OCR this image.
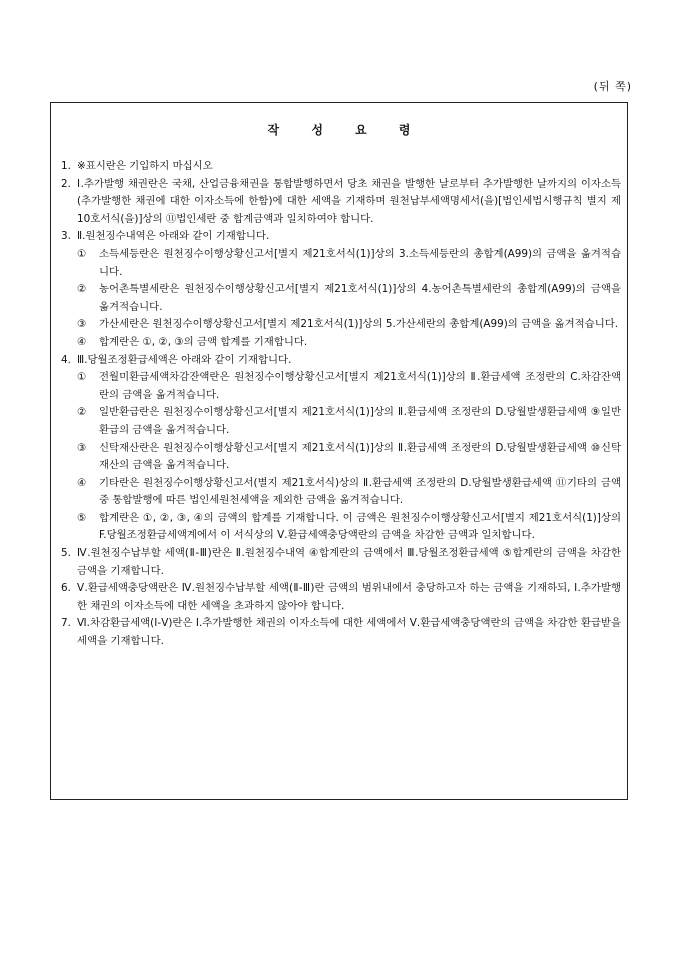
(뒤 쪽)
작 성 요 령
1. ※표시란은 기입하지 마십시오
2. Ⅰ.추가발행 채권란은 국채, 산업금융채권을 통합발행하면서 당초 채권을 발행한 날로부터 추가발행한 날까지의 이자소득(추가발행한 채권에 대한 이자소득에 한함)에 대한 세액을 기재하며 원천납부세액명세서(을)[법인세법시행규칙 별지 제10호서식(을)]상의 ⑪법인세란 중 합계금액과 일치하여야 합니다.
3. Ⅱ.원천징수내역은 아래와 같이 기재합니다.
①	소득세등란은 원천징수이행상황신고서[별지 제21호서식(1)]상의 3.소득세등란의 총합계(A99)의 금액을 옮겨적습니다.
②	농어촌특별세란은 원천징수이행상황신고서[별지 제21호서식(1)]상의 4.농어촌특별세란의 총합계(A99)의 금액을 옮겨적습니다.
③	가산세란은 원천징수이행상황신고서[별지 제21호서식(1)]상의 5.가산세란의 총합계(A99)의 금액을 옮겨적습니다.
④	합계란은 ①, ②, ③의 금액 합계를 기재합니다.
4. Ⅲ.당월조정환급세액은 아래와 같이 기재합니다.
①	전월미환급세액차감잔액란은 원천징수이행상황신고서[별지 제21호서식(1)]상의 Ⅱ.환급세액 조정란의 C.차감잔액란의 금액을 옮겨적습니다.
②	일반환급란은 원천징수이행상황신고서[별지 제21호서식(1)]상의 Ⅱ.환급세액 조정란의 D.당월발생환급세액 ⑨일반환급의 금액을 옮겨적습니다.
③	신탁재산란은 원천징수이행상황신고서[별지 제21호서식(1)]상의 Ⅱ.환급세액 조정란의 D.당월발생환급세액 ⑩신탁재산의 금액을 옮겨적습니다.
④	기타란은 원천징수이행상황신고서(별지 제21호서식)상의 Ⅱ.환급세액 조정란의 D.당월발생환급세액 ⑪기타의 금액중 통합발행에 따른 법인세원천세액을 제외한 금액을 옮겨적습니다.
⑤	합계란은 ①, ②, ③, ④의 금액의 합계를 기재합니다. 이 금액은 원천징수이행상황신고서[별지 제21호서식(1)]상의 F.당월조정환급세액계에서 이 서식상의 Ⅴ.환급세액충당액란의 금액을 차감한 금액과 일치합니다.
5. Ⅳ.원천징수납부할 세액(Ⅱ-Ⅲ)란은 Ⅱ.원천징수내역 ④합계란의 금액에서 Ⅲ.당월조정환급세액 ⑤합계란의 금액을 차감한 금액을 기재합니다.
6. Ⅴ.환급세액충당액란은 Ⅳ.원천징수납부할 세액(Ⅱ-Ⅲ)란 금액의 범위내에서 충당하고자 하는 금액을 기재하되, Ⅰ.추가발행한 채권의 이자소득에 대한 세액을 초과하지 않아야 합니다.
7. Ⅵ.차감환급세액(Ⅰ-Ⅴ)란은 Ⅰ.추가발행한 채권의 이자소득에 대한 세액에서 Ⅴ.환급세액충당액란의 금액을 차감한 환급받을 세액을 기재합니다.
